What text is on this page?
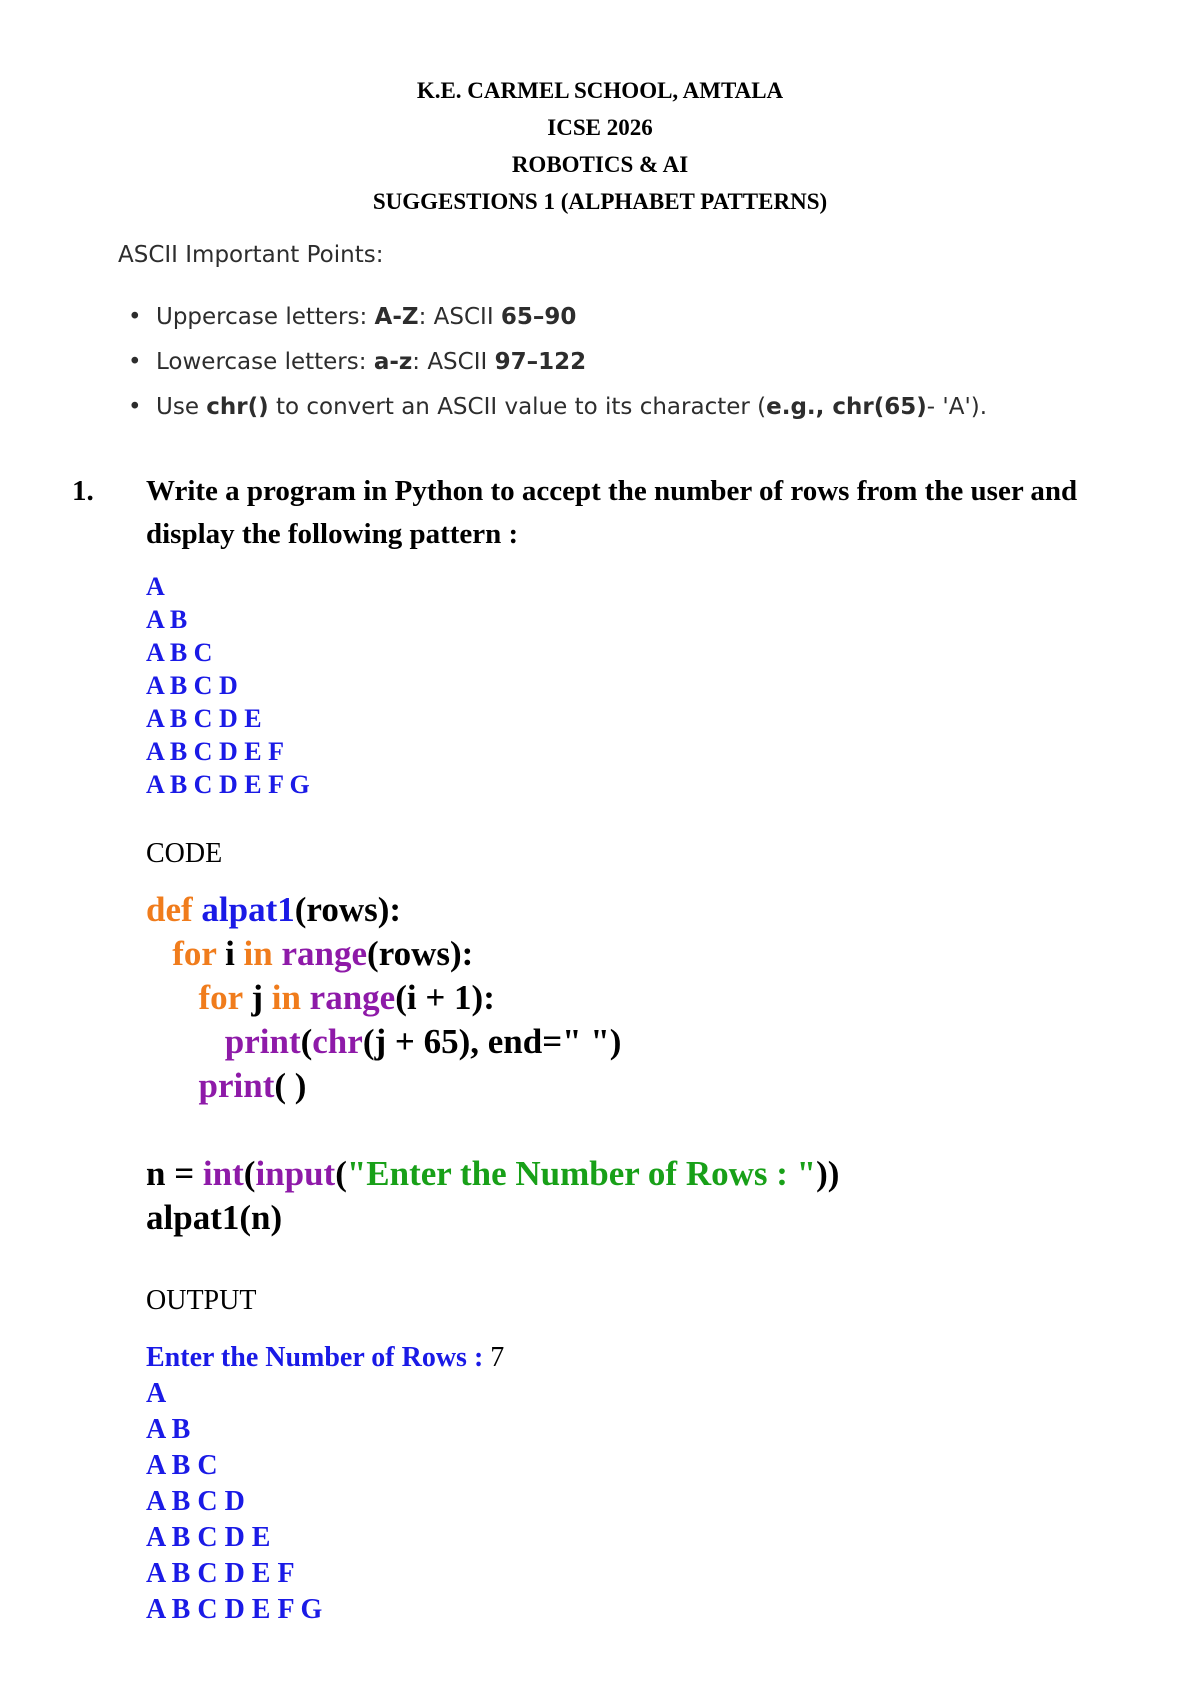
K.E. CARMEL SCHOOL, AMTALA
ICSE 2026
ROBOTICS & AI
SUGGESTIONS 1 (ALPHABET PATTERNS)
ASCII Important Points:
• Uppercase letters: A-Z: ASCII 65–90
• Lowercase letters: a-z: ASCII 97–122
• Use chr() to convert an ASCII value to its character (e.g., chr(65)- 'A').
1. Write a program in Python to accept the number of rows from the user and display the following pattern :
A
A B
A B C
A B C D
A B C D E
A B C D E F
A B C D E F G
CODE
def alpat1(rows):
for i in range(rows):
for j in range(i + 1):
print(chr(j + 65), end=" ")
print( )

n = int(input("Enter the Number of Rows : "))
alpat1(n)
OUTPUT
Enter the Number of Rows : 7
A
A B
A B C
A B C D
A B C D E
A B C D E F
A B C D E F G
